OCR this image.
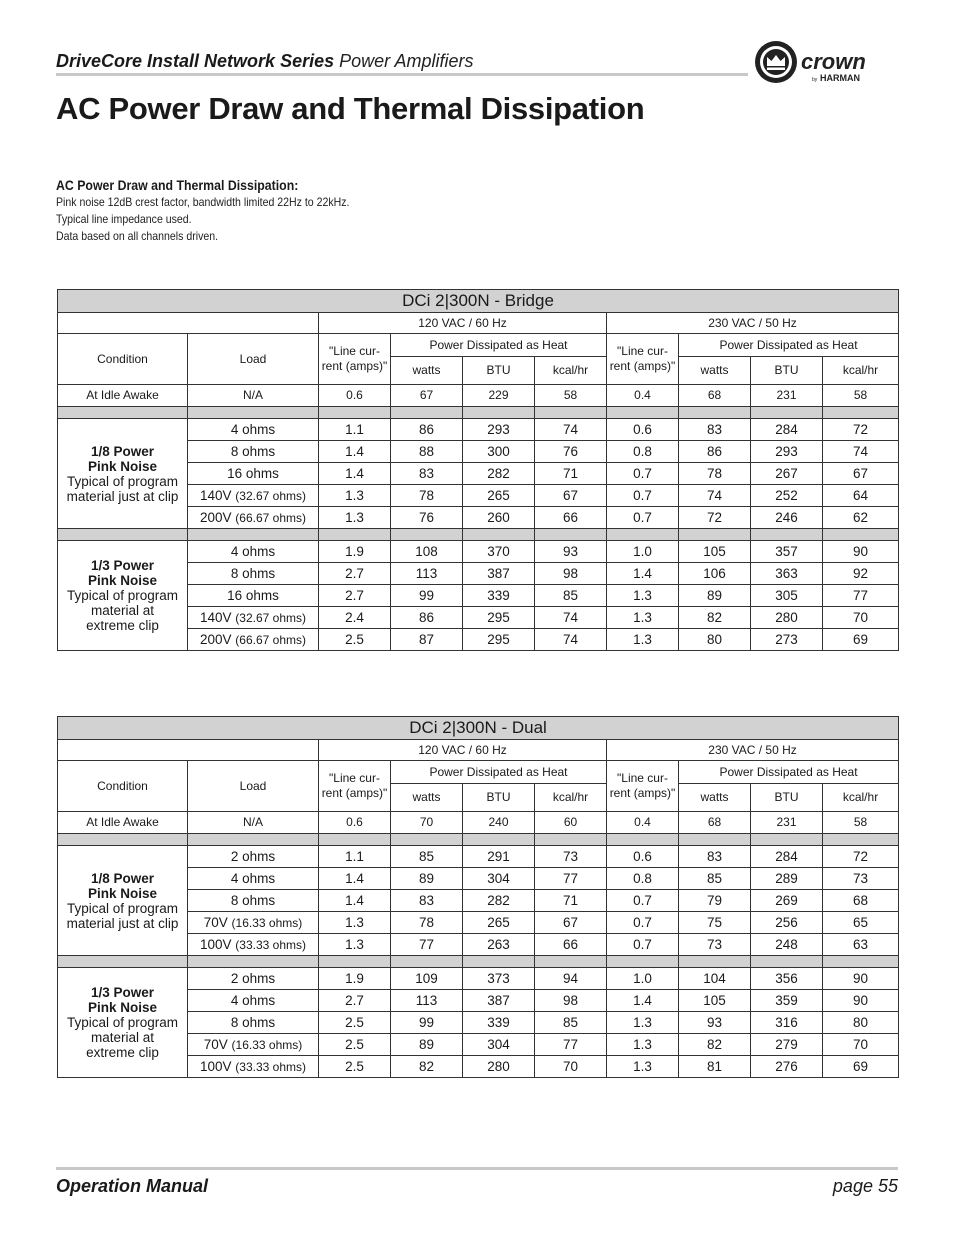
DriveCore Install Network Series Power Amplifiers	crown
by HARMAN
AC Power Draw and Thermal Dissipation
AC Power Draw and Thermal Dissipation:
Pink noise 12dB crest factor, bandwidth limited 22Hz to 22kHz.
Typical line impedance used.
Data based on all channels driven.
DCi 2|300N - Bridge									
		120 VAC / 60 Hz				230 VAC / 50 Hz			
Condition	Load	"Line cur-rent (amps)"	Power Dissipated as Heat			"Line cur-rent (amps)"	Power Dissipated as Heat		
			watts	BTU	kcal/hr		watts	BTU	kcal/hr
At Idle Awake	N/A	0.6	67	229	58	0.4	68	231	58

1/8 Power
Pink Noise
Typical of program
material just at clip	4 ohms	1.1	86	293	74	0.6	83	284	72
	8 ohms	1.4	88	300	76	0.8	86	293	74
	16 ohms	1.4	83	282	71	0.7	78	267	67
	140V (32.67 ohms)	1.3	78	265	67	0.7	74	252	64
	200V (66.67 ohms)	1.3	76	260	66	0.7	72	246	62

1/3 Power
Pink Noise
Typical of program
material at
extreme clip	4 ohms	1.9	108	370	93	1.0	105	357	90
	8 ohms	2.7	113	387	98	1.4	106	363	92
	16 ohms	2.7	99	339	85	1.3	89	305	77
	140V (32.67 ohms)	2.4	86	295	74	1.3	82	280	70
	200V (66.67 ohms)	2.5	87	295	74	1.3	80	273	69
DCi 2|300N - Dual									
		120 VAC / 60 Hz				230 VAC / 50 Hz			
Condition	Load	"Line cur-rent (amps)"	Power Dissipated as Heat			"Line cur-rent (amps)"	Power Dissipated as Heat		
			watts	BTU	kcal/hr		watts	BTU	kcal/hr
At Idle Awake	N/A	0.6	70	240	60	0.4	68	231	58

1/8 Power
Pink Noise
Typical of program
material just at clip	2 ohms	1.1	85	291	73	0.6	83	284	72
	4 ohms	1.4	89	304	77	0.8	85	289	73
	8 ohms	1.4	83	282	71	0.7	79	269	68
	70V (16.33 ohms)	1.3	78	265	67	0.7	75	256	65
	100V (33.33 ohms)	1.3	77	263	66	0.7	73	248	63

1/3 Power
Pink Noise
Typical of program
material at
extreme clip	2 ohms	1.9	109	373	94	1.0	104	356	90
	4 ohms	2.7	113	387	98	1.4	105	359	90
	8 ohms	2.5	99	339	85	1.3	93	316	80
	70V (16.33 ohms)	2.5	89	304	77	1.3	82	279	70
	100V (33.33 ohms)	2.5	82	280	70	1.3	81	276	69
Operation Manual	page 55
